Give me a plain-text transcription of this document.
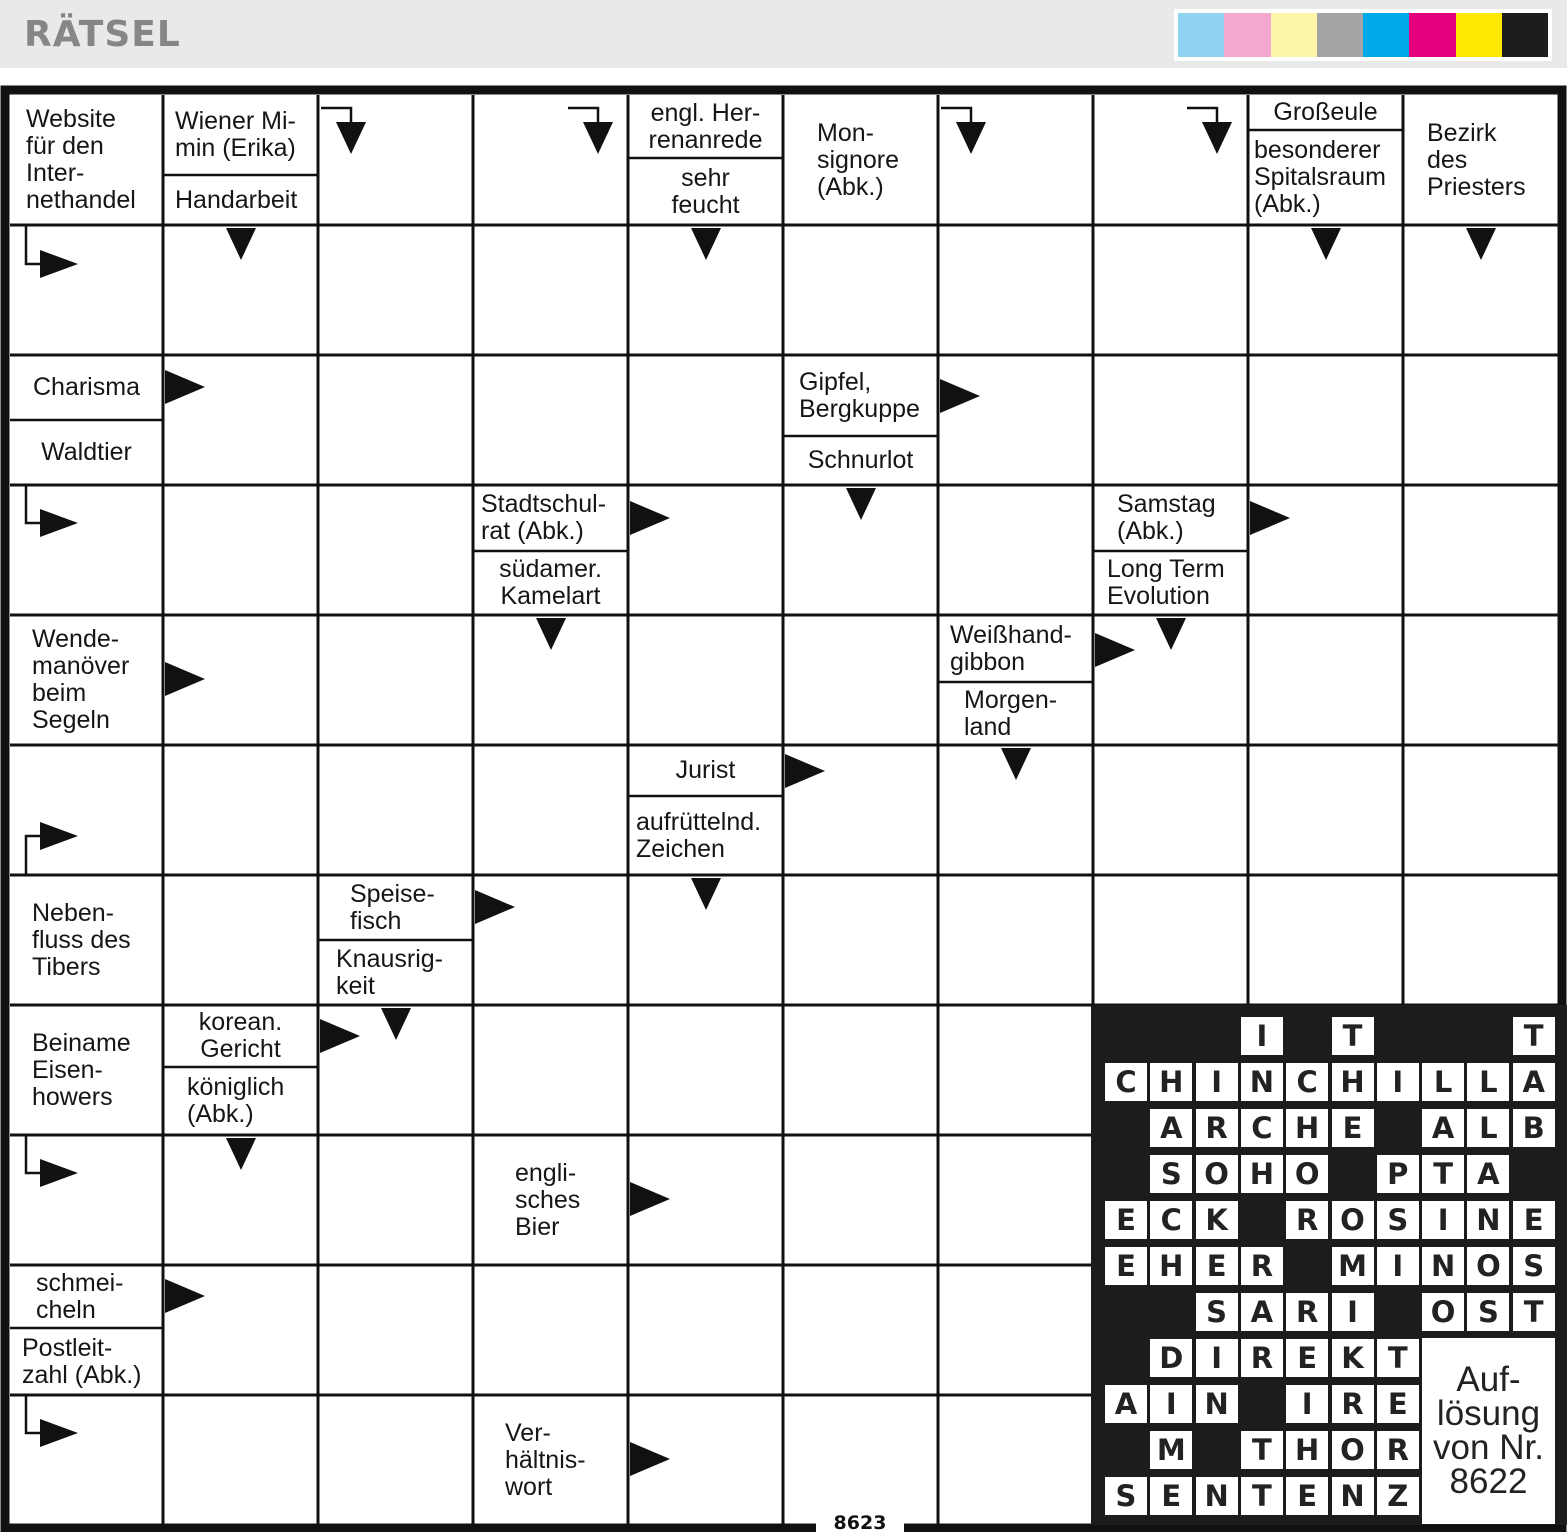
RÄTSEL
Website
für den
Inter-
nethandel
Wiener Mi-
min (Erika)
Handarbeit
engl. Her-
renanrede
sehr
feucht
Mon-
signore
(Abk.)
Großeule
besonderer
Spitalsraum
(Abk.)
Bezirk
des
Priesters
Charisma
Waldtier
Gipfel,
Bergkuppe
Schnurlot
Stadtschul-
rat (Abk.)
südamer.
Kamelart
Samstag
(Abk.)
Long Term
Evolution
Wende-
manöver
beim
Segeln
Weißhand-
gibbon
Morgen-
land
Jurist
aufrüttelnd.
Zeichen
Neben-
fluss des
Tibers
Speise-
fisch
Knausrig-
keit
Beiname
Eisen-
howers
korean.
Gericht
königlich
(Abk.)
engli-
sches
Bier
schmei-
cheln
Postleit-
zahl (Abk.)
Ver-
hältnis-
wort
I	T	T
C H I N C H I	L L A
A R C H E	A L B
S O H O	P T A
E C K	R O S	I N E
E H E R	M I N O S
S A R I	O S T
D I R E K T
A I N	I R E
M	T H O R
S E N T E N Z
Auf-
lösung
von Nr.
8622
8623
